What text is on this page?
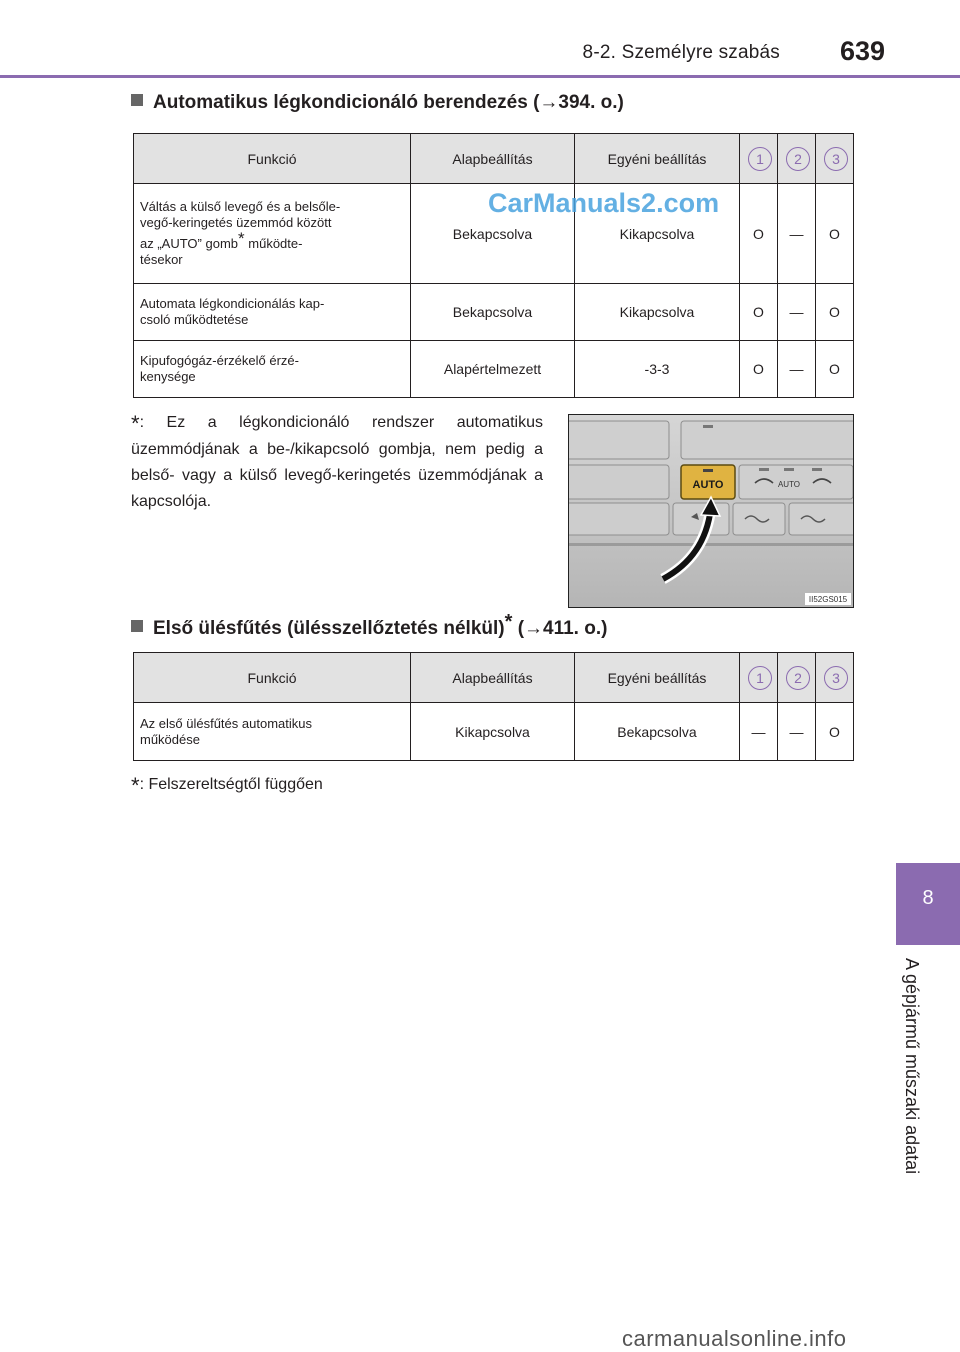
8-2. Személyre szabás 639
8
A gépjármű műszaki adatai
Automatikus légkondicionáló berendezés (→394. o.)
Funkció	Alapbeállítás	Egyéni beállítás	1	2	3

Váltás a külső levegő és a belsőle-
vegő-keringetés üzemmód között
az „AUTO” gomb* működte-
tésekor	Bekapcsolva	Kikapcsolva	O	—	O

Automata légkondicionálás kap-
csoló működtetése	Bekapcsolva	Kikapcsolva	O	—	O

Kipufogógáz-érzékelő érzé-
kenysége	Alapértelmezett	-3-3	O	—	O
CarManuals2.com
*: Ez a légkondicionáló rendszer automatikus üzemmódjának a be-/kikapcsoló gombja, nem pedig a belső- vagy a külső levegő-keringetés üzemmódjának a kapcsolója.
AUTO	AUTO
II52GS015
Első ülésfűtés (ülésszellőztetés nélkül)* (→411. o.)
Funkció	Alapbeállítás	Egyéni beállítás	1	2	3

Az első ülésfűtés automatikus
működése	Kikapcsolva	Bekapcsolva	—	—	O
*: Felszereltségtől függően
carmanualsonline.info
